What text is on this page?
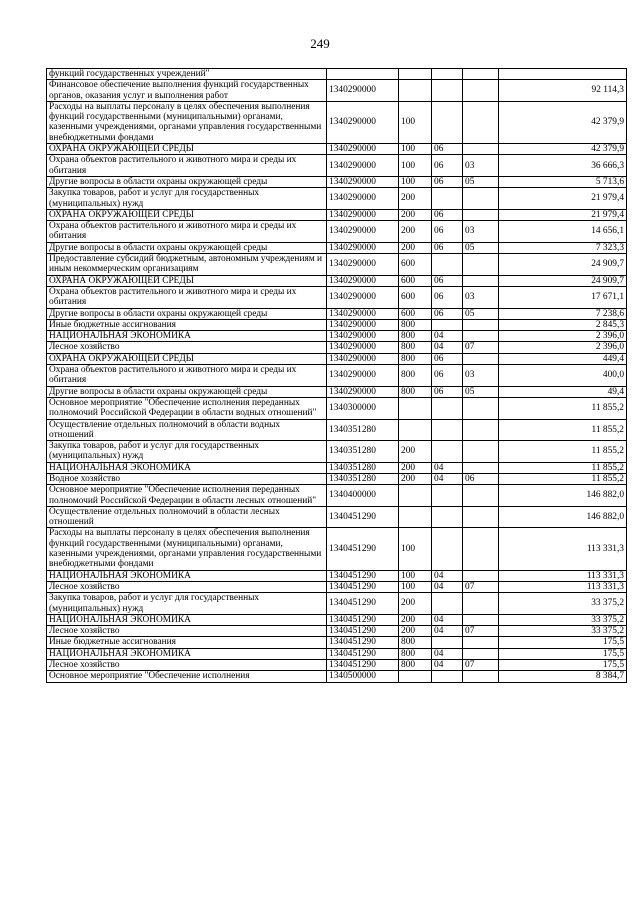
249
функций государственных учреждений"					
Финансовое обеспечение выполнения функций государственных органов, оказания услуг и выполнения работ	1340290000				92 114,3
Расходы на выплаты персоналу в целях обеспечения выполнения функций государственными (муниципальными) органами, казенными учреждениями, органами управления государственными внебюджетными фондами	1340290000	100			42 379,9
ОХРАНА ОКРУЖАЮЩЕЙ СРЕДЫ	1340290000	100	06		42 379,9
Охрана объектов растительного и животного мира и среды их обитания	1340290000	100	06	03	36 666,3
Другие вопросы в области охраны окружающей среды	1340290000	100	06	05	5 713,6
Закупка товаров, работ и услуг для государственных (муниципальных) нужд	1340290000	200			21 979,4
ОХРАНА ОКРУЖАЮЩЕЙ СРЕДЫ	1340290000	200	06		21 979,4
Охрана объектов растительного и животного мира и среды их обитания	1340290000	200	06	03	14 656,1
Другие вопросы в области охраны окружающей среды	1340290000	200	06	05	7 323,3
Предоставление субсидий бюджетным, автономным учреждениям и иным некоммерческим организациям	1340290000	600			24 909,7
ОХРАНА ОКРУЖАЮЩЕЙ СРЕДЫ	1340290000	600	06		24 909,7
Охрана объектов растительного и животного мира и среды их обитания	1340290000	600	06	03	17 671,1
Другие вопросы в области охраны окружающей среды	1340290000	600	06	05	7 238,6
Иные бюджетные ассигнования	1340290000	800			2 845,3
НАЦИОНАЛЬНАЯ ЭКОНОМИКА	1340290000	800	04		2 396,0
Лесное хозяйство	1340290000	800	04	07	2 396,0
ОХРАНА ОКРУЖАЮЩЕЙ СРЕДЫ	1340290000	800	06		449,4
Охрана объектов растительного и животного мира и среды их обитания	1340290000	800	06	03	400,0
Другие вопросы в области охраны окружающей среды	1340290000	800	06	05	49,4
Основное мероприятие "Обеспечение исполнения переданных полномочий Российской Федерации в области водных отношений"	1340300000				11 855,2
Осуществление отдельных полномочий в области водных отношений	1340351280				11 855,2
Закупка товаров, работ и услуг для государственных (муниципальных) нужд	1340351280	200			11 855,2
НАЦИОНАЛЬНАЯ ЭКОНОМИКА	1340351280	200	04		11 855,2
Водное хозяйство	1340351280	200	04	06	11 855,2
Основное мероприятие "Обеспечение исполнения переданных полномочий Российской Федерации в области лесных отношений"	1340400000				146 882,0
Осуществление отдельных полномочий в области лесных отношений	1340451290				146 882,0
Расходы на выплаты персоналу в целях обеспечения выполнения функций государственными (муниципальными) органами, казенными учреждениями, органами управления государственными внебюджетными фондами	1340451290	100			113 331,3
НАЦИОНАЛЬНАЯ ЭКОНОМИКА	1340451290	100	04		113 331,3
Лесное хозяйство	1340451290	100	04	07	113 331,3
Закупка товаров, работ и услуг для государственных (муниципальных) нужд	1340451290	200			33 375,2
НАЦИОНАЛЬНАЯ ЭКОНОМИКА	1340451290	200	04		33 375,2
Лесное хозяйство	1340451290	200	04	07	33 375,2
Иные бюджетные ассигнования	1340451290	800			175,5
НАЦИОНАЛЬНАЯ ЭКОНОМИКА	1340451290	800	04		175,5
Лесное хозяйство	1340451290	800	04	07	175,5
Основное мероприятие "Обеспечение исполнения	1340500000				8 384,7
